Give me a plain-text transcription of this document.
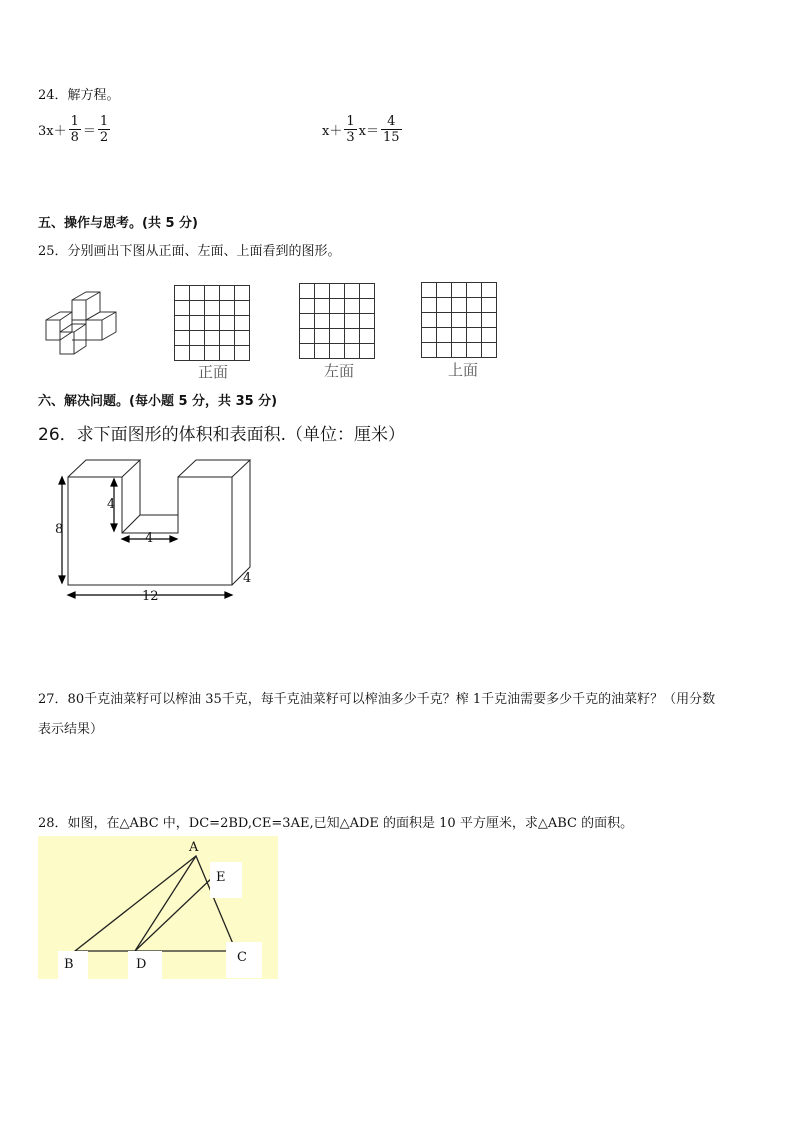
24．解方程。
$3x+ \frac{1}{8} = \frac{1}{2}$	$x+ \frac{1}{3} x= \frac{4}{15}$
五、操作与思考。(共 5 分)
25．分别画出下图从正面、左面、上面看到的图形。
正面	左面	上面
六、解决问题。(每小题 5 分，共 35 分)
26．求下面图形的体积和表面积.（单位：厘米）
8
4
4
12
4
27．80千克油菜籽可以榨油 35千克，每千克油菜籽可以榨油多少千克？榨 1千克油需要多少千克的油菜籽？（用分数
表示结果）
28．如图，在△ABC 中，DC=2BD,CE=3AE,已知△ADE 的面积是 10 平方厘米，求△ABC 的面积。
A
E
B	D	C
